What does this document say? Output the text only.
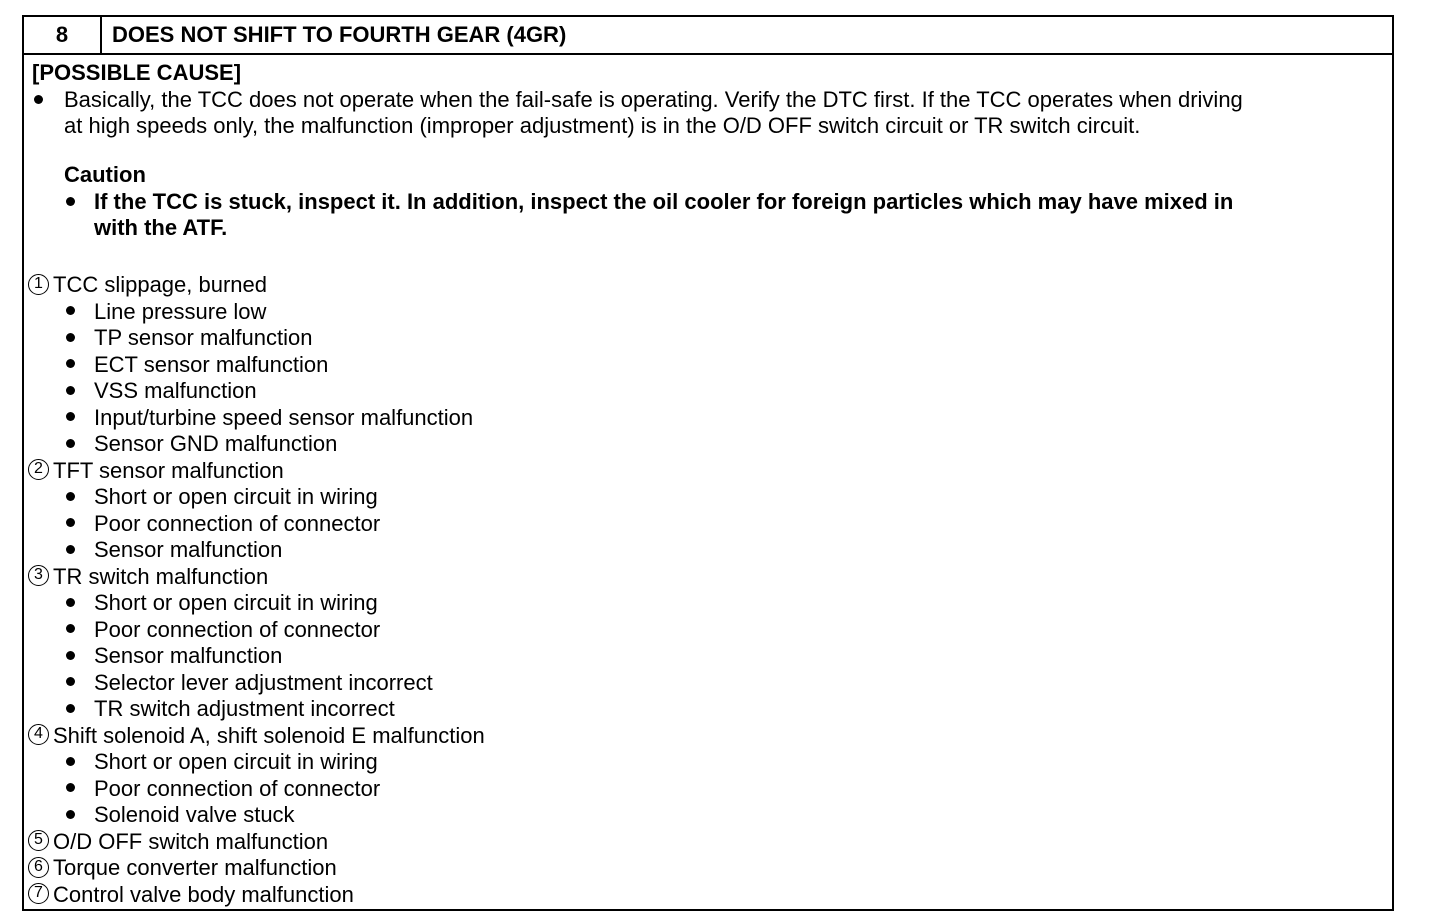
8	DOES NOT SHIFT TO FOURTH GEAR (4GR)
[POSSIBLE CAUSE]
Basically, the TCC does not operate when the fail-safe is operating. Verify the DTC first. If the TCC operates when driving
at high speeds only, the malfunction (improper adjustment) is in the O/D OFF switch circuit or TR switch circuit.
Caution
If the TCC is stuck, inspect it. In addition, inspect the oil cooler for foreign particles which may have mixed in
with the ATF.
1 TCC slippage, burned
Line pressure low
TP sensor malfunction
ECT sensor malfunction
VSS malfunction
Input/turbine speed sensor malfunction
Sensor GND malfunction
2 TFT sensor malfunction
Short or open circuit in wiring
Poor connection of connector
Sensor malfunction
3 TR switch malfunction
Short or open circuit in wiring
Poor connection of connector
Sensor malfunction
Selector lever adjustment incorrect
TR switch adjustment incorrect
4 Shift solenoid A, shift solenoid E malfunction
Short or open circuit in wiring
Poor connection of connector
Solenoid valve stuck
5 O/D OFF switch malfunction
6 Torque converter malfunction
7 Control valve body malfunction
